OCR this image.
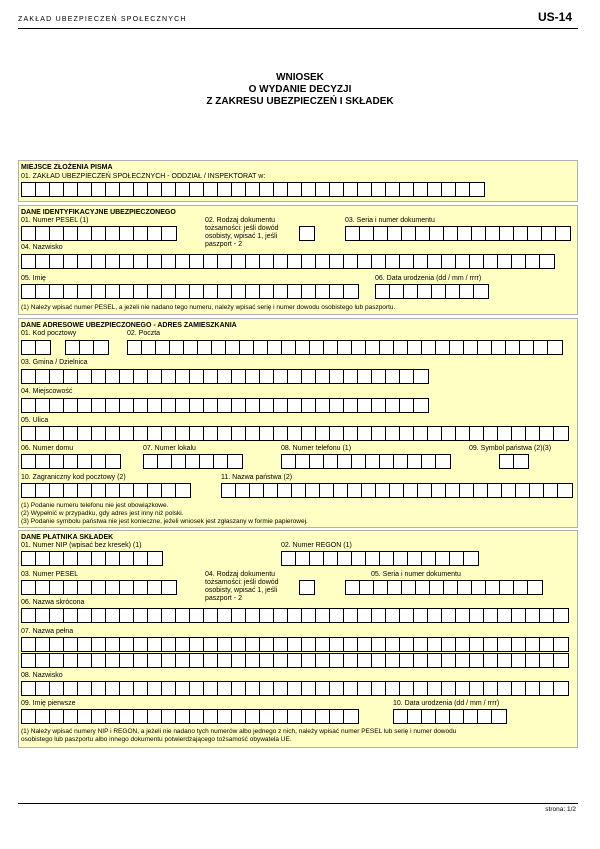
ZAKŁAD UBEZPIECZEŃ SPOŁECZNYCH	US-14
WNIOSEK
O WYDANIE DECYZJI
Z ZAKRESU UBEZPIECZEŃ I SKŁADEK
MIEJSCE ZŁOŻENIA PISMA
01. ZAKŁAD UBEZPIECZEŃ SPOŁECZNYCH - ODDZIAŁ / INSPEKTORAT w:
DANE IDENTYFIKACYJNE UBEZPIECZONEGO
01. Numer PESEL (1)	02. Rodzaj dokumentu
tożsamości: jeśli dowód
osobisty, wpisać 1, jeśli
paszport - 2
03. Seria i numer dokumentu
04. Nazwisko
05. Imię	06. Data urodzenia (dd / mm / rrrr)
(1) Należy wpisać numer PESEL, a jeżeli nie nadano tego numeru, należy wpisać serię i numer dowodu osobistego lub paszportu.
DANE ADRESOWE UBEZPIECZONEGO - ADRES ZAMIESZKANIA
01. Kod pocztowy	02. Poczta
03. Gmina / Dzielnica
04. Miejscowość
05. Ulica
06. Numer domu	07. Numer lokalu	08. Numer telefonu (1)	09. Symbol państwa (2)(3)
10. Zagraniczny kod pocztowy (2)	11. Nazwa państwa (2)
(1) Podanie numeru telefonu nie jest obowiązkowe.
(2) Wypełnić w przypadku, gdy adres jest inny niż polski.
(3) Podanie symbolu państwa nie jest konieczne, jeżeli wniosek jest zgłaszany w formie papierowej.
DANE PŁATNIKA SKŁADEK
01. Numer NIP (wpisać bez kresek) (1)	02. Numer REGON (1)
03. Numer PESEL	04. Rodzaj dokumentu
tożsamości: jeśli dowód
osobisty, wpisać 1, jeśli
paszport - 2
05. Seria i numer dokumentu
06. Nazwa skrócona
07. Nazwa pełna
08. Nazwisko
09. Imię pierwsze	10. Data urodzenia (dd / mm / rrrr)
(1) Należy wpisać numery NIP i REGON, a jeżeli nie nadano tych numerów albo jednego z nich, należy wpisać numer PESEL lub serię i numer dowodu
osobistego lub paszportu albo innego dokumentu potwierdzającego tożsamość obywatela UE.
strona: 1/2
